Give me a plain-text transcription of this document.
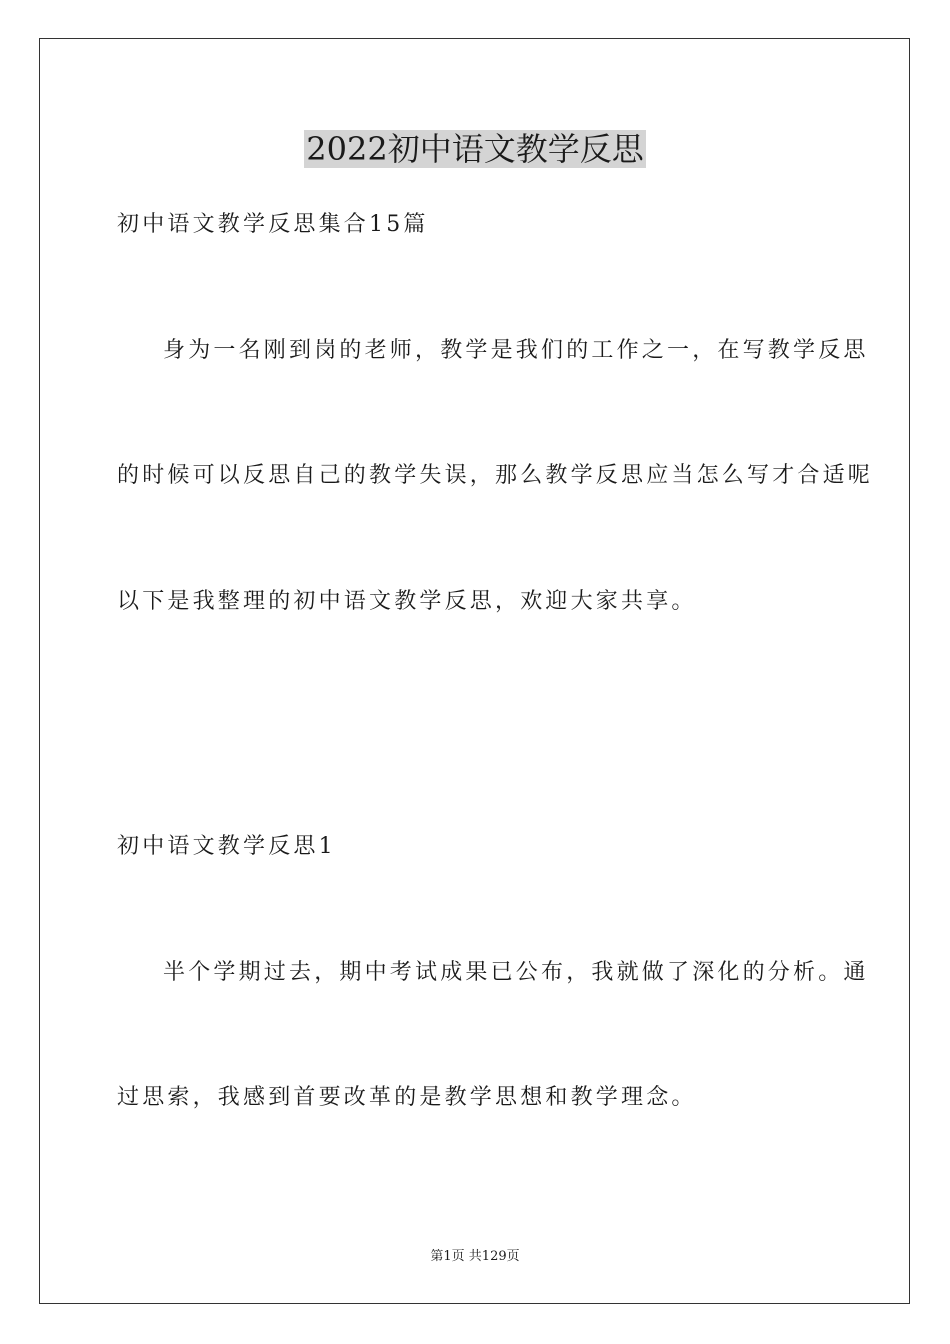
2022初中语文教学反思
初中语文教学反思集合15篇
身为一名刚到岗的老师，教学是我们的工作之一，在写教学反思
的时候可以反思自己的教学失误，那么教学反思应当怎么写才合适呢
以下是我整理的初中语文教学反思，欢迎大家共享。
初中语文教学反思1
半个学期过去，期中考试成果已公布，我就做了深化的分析。通
过思索，我感到首要改革的是教学思想和教学理念。
第1页 共129页
